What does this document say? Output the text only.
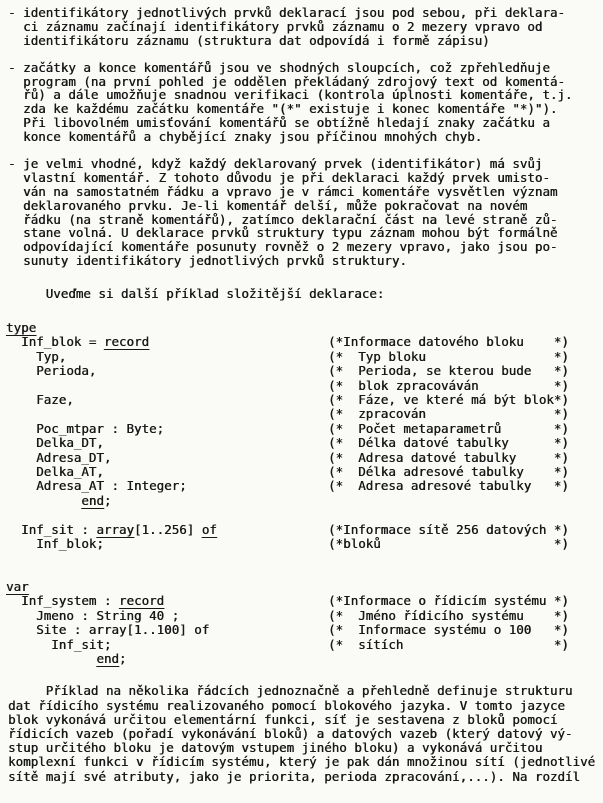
- identifikátory jednotlivých prvků deklarací jsou pod sebou, při deklara-
ci záznamu začínají identifikátory prvků záznamu o 2 mezery vpravo od
identifikátoru záznamu (struktura dat odpovídá i formě zápisu)
- začátky a konce komentářů jsou ve shodných sloupcích, což zpřehledňuje
program (na první pohled je oddělen překládaný zdrojový text od komentá-
řů) a dále umožňuje snadnou verifikaci (kontrola úplnosti komentáře, t.j.
zda ke každému začátku komentáře "(*" existuje i konec komentáře "*)").
Při libovolném umisťování komentářů se obtížně hledají znaky začátku a
konce komentářů a chybějící znaky jsou příčinou mnohých chyb.
- je velmi vhodné, když každý deklarovaný prvek (identifikátor) má svůj
vlastní komentář. Z tohoto důvodu je při deklaraci každý prvek umisto-
ván na samostatném řádku a vpravo je v rámci komentáře vysvětlen význam
deklarovaného prvku. Je-li komentář delší, může pokračovat na novém
řádku (na straně komentářů), zatímco deklarační část na levé straně zů-
stane volná. U deklarace prvků struktury typu záznam mohou být formálně
odpovídající komentáře posunuty rovněž o 2 mezery vpravo, jako jsou po-
sunuty identifikátory jednotlivých prvků struktury.
Uveďme si další příklad složitější deklarace:
type
Inf_blok = record	(*Informace datového bloku    *)
Typ,	(*  Typ bloku                 *)
Perioda,	(*  Perioda, se kterou bude   *)
(*  blok zpracováván          *)
Faze,	(*  Fáze, ve které má být blok*)
(*  zpracován                 *)
Poc_mtpar : Byte;	(*  Počet metaparametrů       *)
Delka_DT,	(*  Délka datové tabulky      *)
Adresa_DT,	(*  Adresa datové tabulky     *)
Delka_AT,	(*  Délka adresové tabulky    *)
Adresa_AT : Integer;	(*  Adresa adresové tabulky   *)
end;
Inf_sit : array[1..256] of	(*Informace sítě 256 datových *)
Inf_blok;	(*bloků                       *)
var
Inf_system : record	(*Informace o řídicím systému *)
Jmeno : String 40 ;	(*  Jméno řídicího systému    *)
Site : array[1..100] of	(*  Informace systému o 100   *)
Inf_sit;	(*  sítích                    *)
end;
Příklad na několika řádcích jednoznačně a přehledně definuje strukturu
dat řídicího systému realizovaného pomocí blokového jazyka. V tomto jazyce
blok vykonává určitou elementární funkci, síť je sestavena z bloků pomocí
řídicích vazeb (pořadí vykonávání bloků) a datových vazeb (který datový vý-
stup určitého bloku je datovým vstupem jiného bloku) a vykonává určitou
komplexní funkci v řídicím systému, který je pak dán množinou sítí (jednotlivé
sítě mají své atributy, jako je priorita, perioda zpracování,...). Na rozdíl
